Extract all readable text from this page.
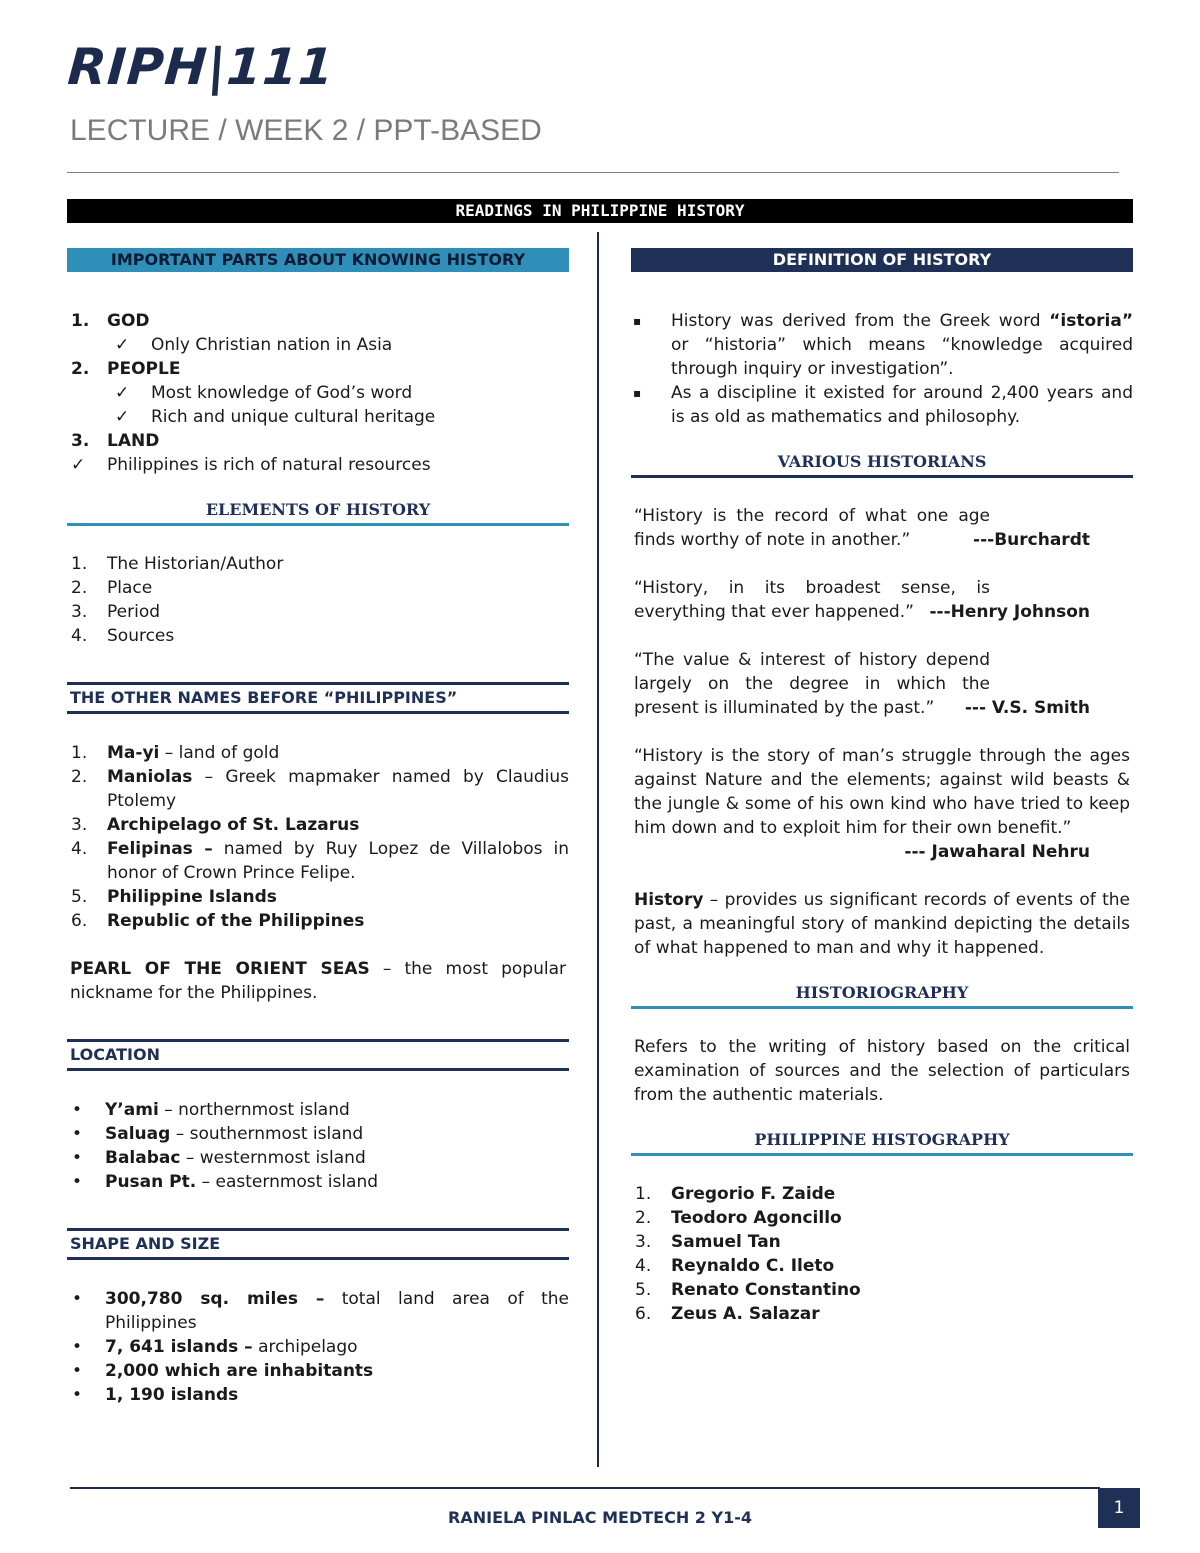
RIPH|111
LECTURE / WEEK 2 / PPT-BASED
READINGS IN PHILIPPINE HISTORY
IMPORTANT PARTS ABOUT KNOWING HISTORY
1. GOD
✓ Only Christian nation in Asia
2. PEOPLE
✓ Most knowledge of God’s word
✓ Rich and unique cultural heritage
3. LAND
✓ Philippines is rich of natural resources
ELEMENTS OF HISTORY
1. The Historian/Author
2. Place
3. Period
4. Sources
THE OTHER NAMES BEFORE “PHILIPPINES”
1. Ma-yi – land of gold
2. Maniolas – Greek mapmaker named by Claudius Ptolemy
3. Archipelago of St. Lazarus
4. Felipinas – named by Ruy Lopez de Villalobos in honor of Crown Prince Felipe.
5. Philippine Islands
6. Republic of the Philippines

PEARL OF THE ORIENT SEAS – the most popular nickname for the Philippines.

LOCATION
• Y’ami – northernmost island
• Saluag – southernmost island
• Balabac – westernmost island
• Pusan Pt. – easternmost island
SHAPE AND SIZE
• 300,780 sq. miles – total land area of the Philippines
• 7, 641 islands – archipelago
• 2,000 which are inhabitants
• 1, 190 islands
DEFINITION OF HISTORY
▪ History was derived from the Greek word “istoria” or “historia” which means “knowledge acquired through inquiry or investigation”.
▪ As a discipline it existed for around 2,400 years and is as old as mathematics and philosophy.
VARIOUS HISTORIANS

“History is the record of what one age finds worthy of note in another.”	---Burchardt

“History, in its broadest sense, is everything that ever happened.” ---Henry Johnson

“The value & interest of history depend largely on the degree in which the present is illuminated by the past.”	--- V.S. Smith

“History is the story of man’s struggle through the ages against Nature and the elements; against wild beasts & the jungle & some of his own kind who have tried to keep him down and to exploit him for their own benefit.”

--- Jawaharal Nehru

History – provides us significant records of events of the past, a meaningful story of mankind depicting the details of what happened to man and why it happened.

HISTORIOGRAPHY

Refers to the writing of history based on the critical examination of sources and the selection of particulars from the authentic materials.

PHILIPPINE HISTOGRAPHY
1. Gregorio F. Zaide
2. Teodoro Agoncillo
3. Samuel Tan
4. Reynaldo C. Ileto
5. Renato Constantino
6. Zeus A. Salazar
RANIELA PINLAC MEDTECH 2 Y1-4	1
